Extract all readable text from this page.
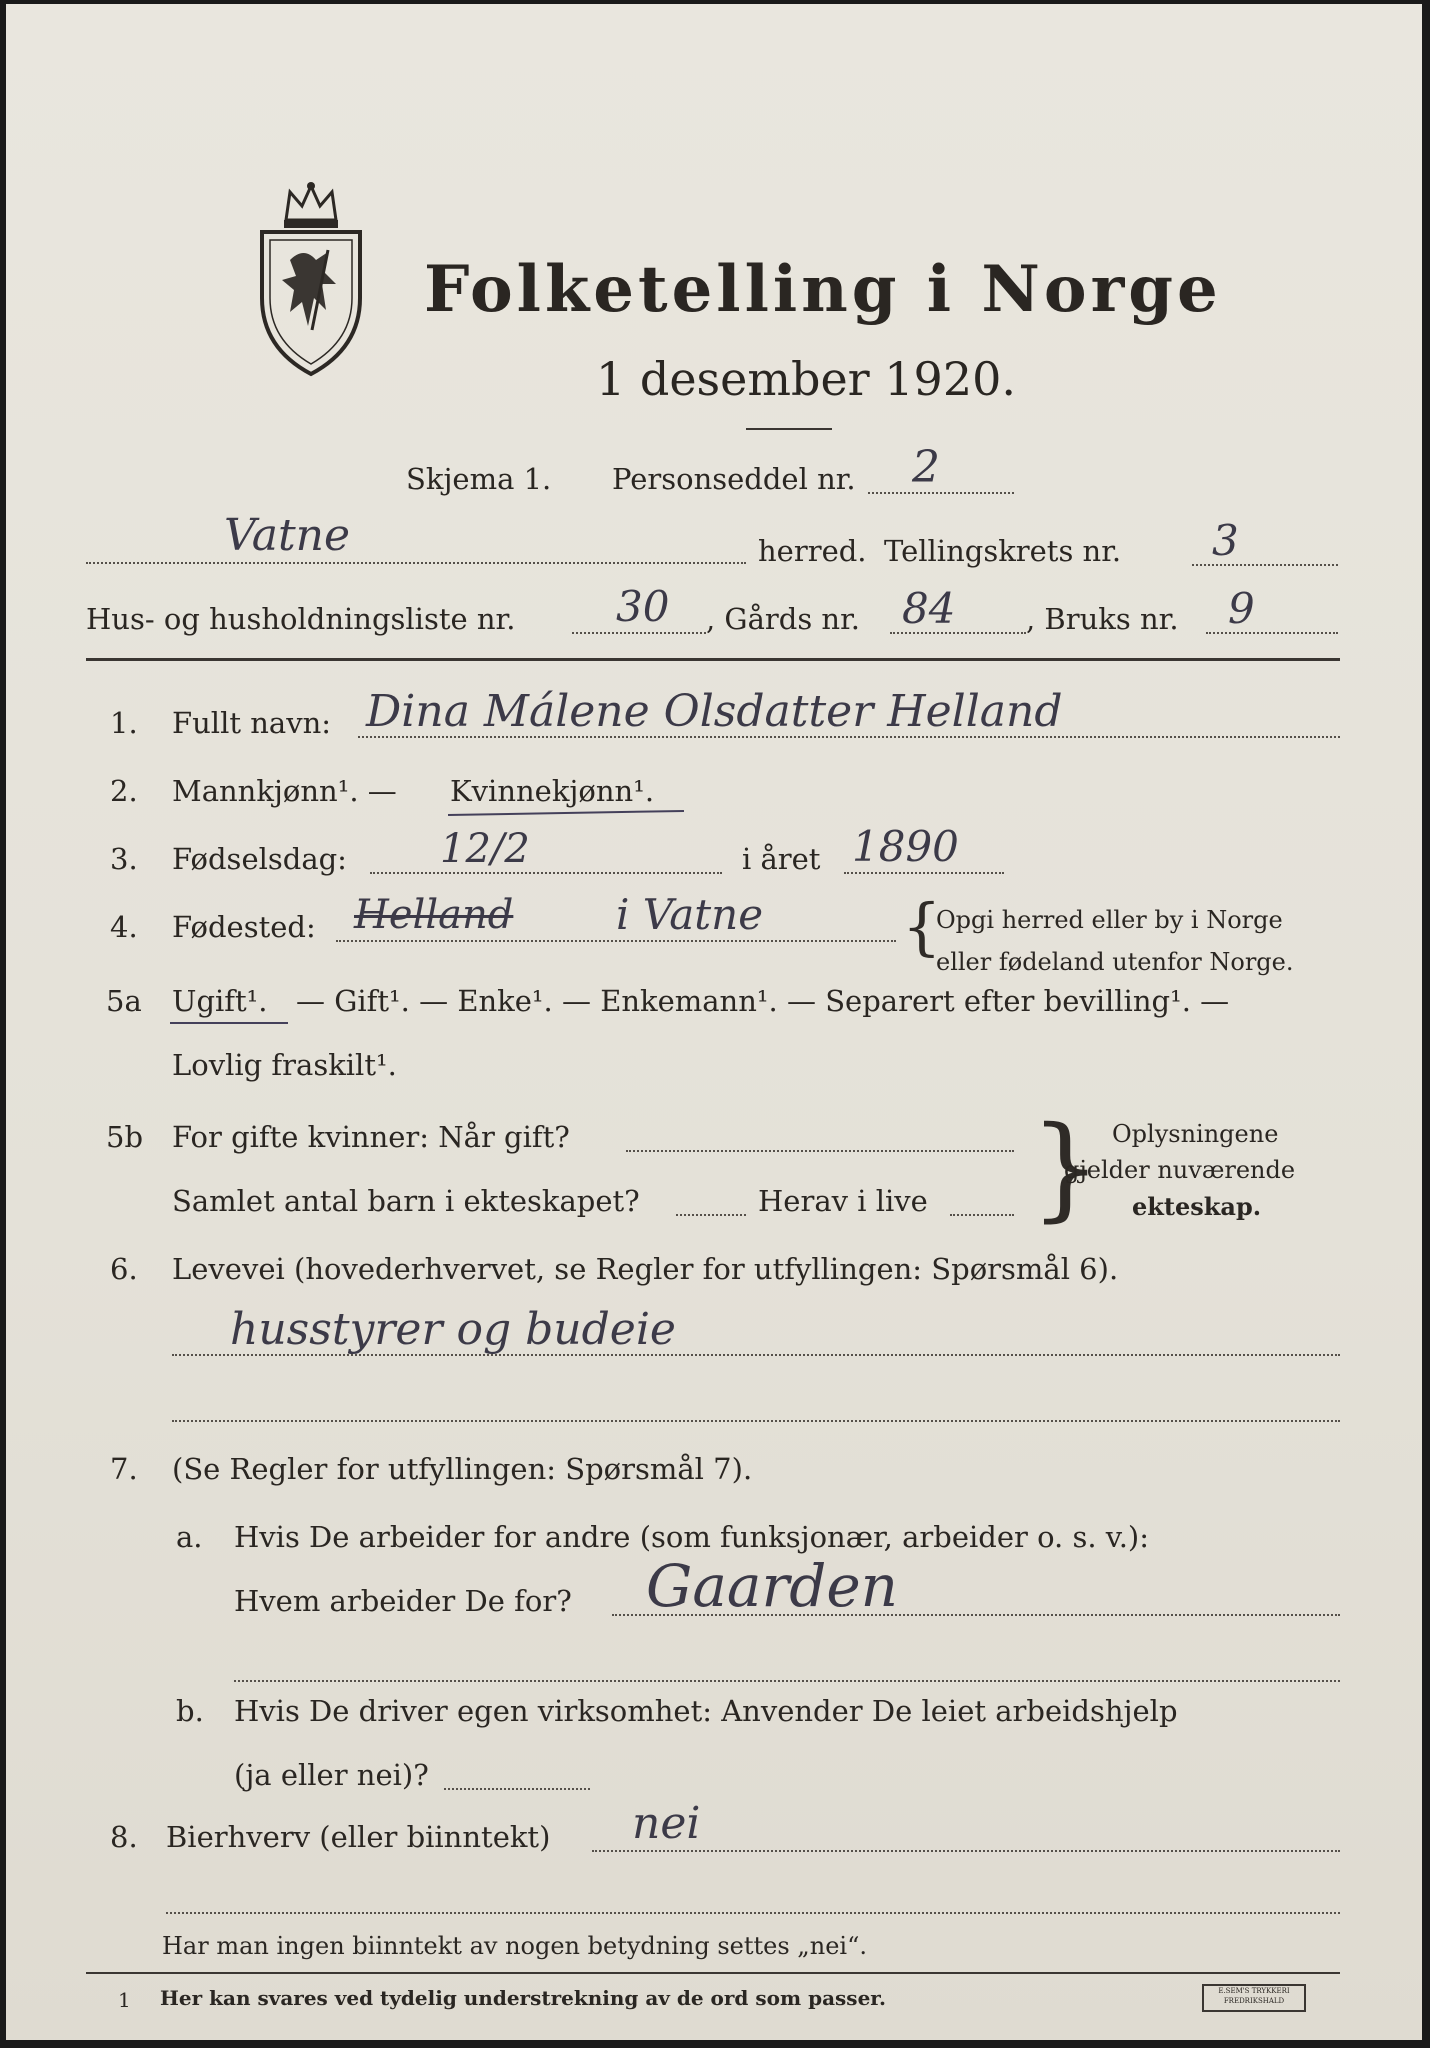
Folketelling i Norge
1 desember 1920.
Skjema 1. Personseddel nr. 2
Vatne	herred. Tellingskrets nr. 3
Hus- og husholdningsliste nr. 30 , Gårds nr. 84 , Bruks nr. 9
1. Fullt navn: Dina Málene Olsdatter Helland
2. Mannkjønn¹. — Kvinnekjønn¹.
3. Fødselsdag: 12/2	i året 1890
4. Fødested: Helland i Vatne {
Opgi herred eller by i Norge
eller fødeland utenfor Norge.
5a Ugift¹. — Gift¹. — Enke¹. — Enkemann¹. — Separert efter bevilling¹. —
Lovlig fraskilt¹.
5b For gifte kvinner: Når gift?
Samlet antal barn i ekteskapet?	Herav i live } Oplysningene
gjelder nuværende
ekteskap.
6. Levevei (hovederhvervet, se Regler for utfyllingen: Spørsmål 6).
husstyrer og budeie
7. (Se Regler for utfyllingen: Spørsmål 7).
a. Hvis De arbeider for andre (som funksjonær, arbeider o. s. v.):
Hvem arbeider De for? Gaarden
b. Hvis De driver egen virksomhet: Anvender De leiet arbeidshjelp
(ja eller nei)?
8. Bierhverv (eller biinntekt) nei
Har man ingen biinntekt av nogen betydning settes „nei“.
1 Her kan svares ved tydelig understrekning av de ord som passer.	E.SEM'S TRYKKERI
FREDRIKSHALD
